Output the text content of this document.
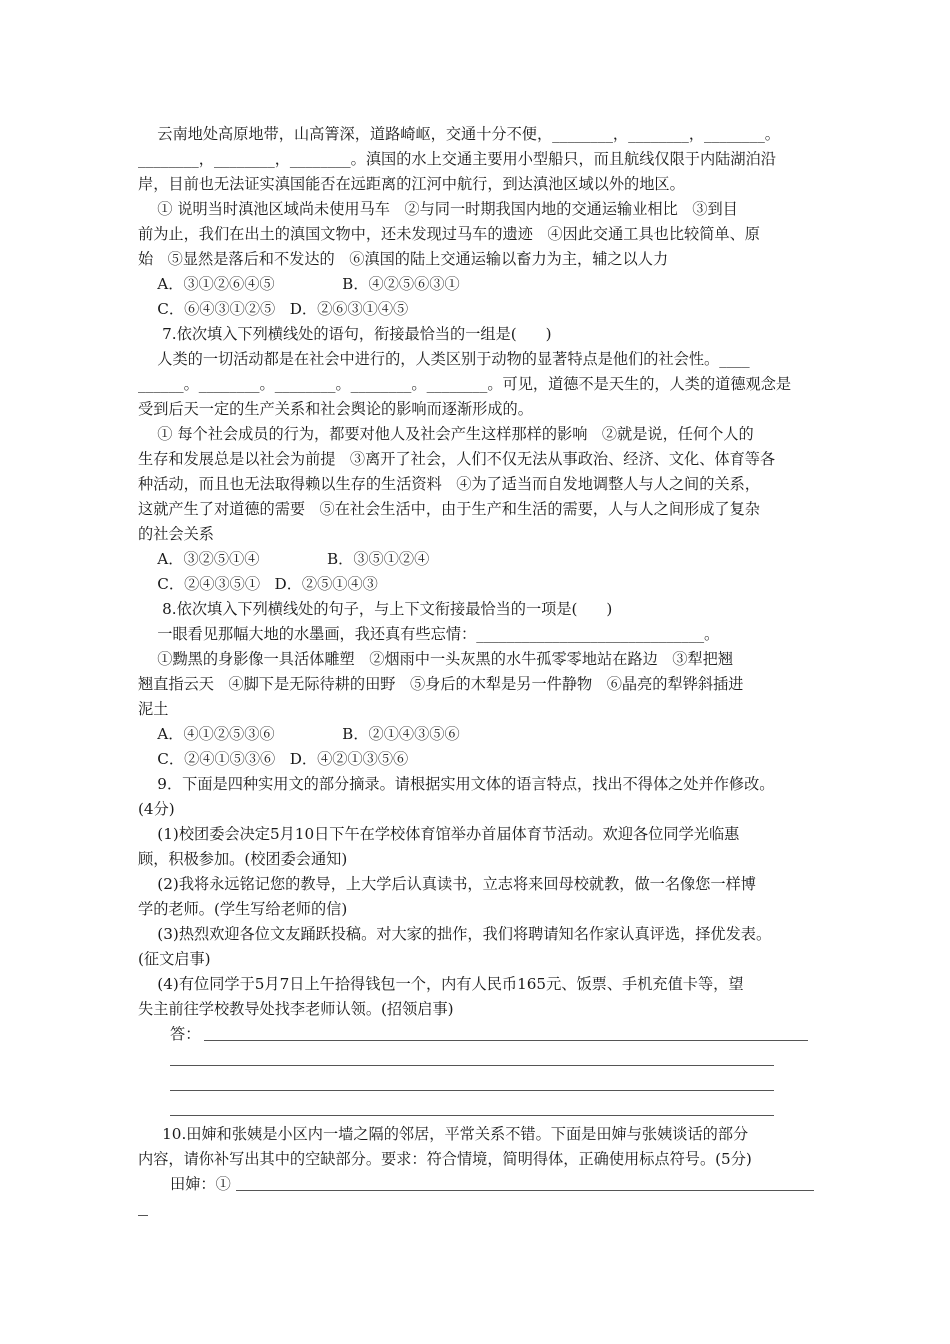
云南地处高原地带，山高箐深，道路崎岖，交通十分不便，________，________，________。
________，________，________。滇国的水上交通主要用小型船只，而且航线仅限于内陆湖泊沿
岸，目前也无法证实滇国能否在远距离的江河中航行，到达滇池区域以外的地区。
① 说明当时滇池区域尚未使用马车   ②与同一时期我国内地的交通运输业相比   ③到目
前为止，我们在出土的滇国文物中，还未发现过马车的遗迹   ④因此交通工具也比较简单、原
始   ⑤显然是落后和不发达的   ⑥滇国的陆上交通运输以畜力为主，辅之以人力
A．③①②⑥④⑤              B．④②⑤⑥③①
C．⑥④③①②⑤   D．②⑥③①④⑤
7.依次填入下列横线处的语句，衔接最恰当的一组是(      )
人类的一切活动都是在社会中进行的，人类区别于动物的显著特点是他们的社会性。____
______。________。________。________。________。可见，道德不是天生的，人类的道德观念是
受到后天一定的生产关系和社会舆论的影响而逐渐形成的。
① 每个社会成员的行为，都要对他人及社会产生这样那样的影响   ②就是说，任何个人的
生存和发展总是以社会为前提   ③离开了社会，人们不仅无法从事政治、经济、文化、体育等各
种活动，而且也无法取得赖以生存的生活资料   ④为了适当而自发地调整人与人之间的关系，
这就产生了对道德的需要   ⑤在社会生活中，由于生产和生活的需要，人与人之间形成了复杂
的社会关系
A．③②⑤①④              B．③⑤①②④
C．②④③⑤①   D．②⑤①④③
8.依次填入下列横线处的句子，与上下文衔接最恰当的一项是(      )
一眼看见那幅大地的水墨画，我还真有些忘情：______________________________。
①黝黑的身影像一具活体雕塑   ②烟雨中一头灰黑的水牛孤零零地站在路边   ③犁把翘
翘直指云天   ④脚下是无际待耕的田野   ⑤身后的木犁是另一件静物   ⑥晶亮的犁铧斜插进
泥土
A．④①②⑤③⑥              B．②①④③⑤⑥
C．②④①⑤③⑥   D．④②①③⑤⑥
9．下面是四种实用文的部分摘录。请根据实用文体的语言特点，找出不得体之处并作修改。
(4分)
(1)校团委会决定5月10日下午在学校体育馆举办首届体育节活动。欢迎各位同学光临惠
顾，积极参加。(校团委会通知)
(2)我将永远铭记您的教导，上大学后认真读书，立志将来回母校就教，做一名像您一样博
学的老师。(学生写给老师的信)
(3)热烈欢迎各位文友踊跃投稿。对大家的拙作，我们将聘请知名作家认真评选，择优发表。
(征文启事)
(4)有位同学于5月7日上午拾得钱包一个，内有人民币165元、饭票、手机充值卡等，望
失主前往学校教导处找李老师认领。(招领启事)
答：
10.田婶和张姨是小区内一墙之隔的邻居，平常关系不错。下面是田婶与张姨谈话的部分
内容，请你补写出其中的空缺部分。要求：符合情境，简明得体，正确使用标点符号。(5分)
田婶：①
